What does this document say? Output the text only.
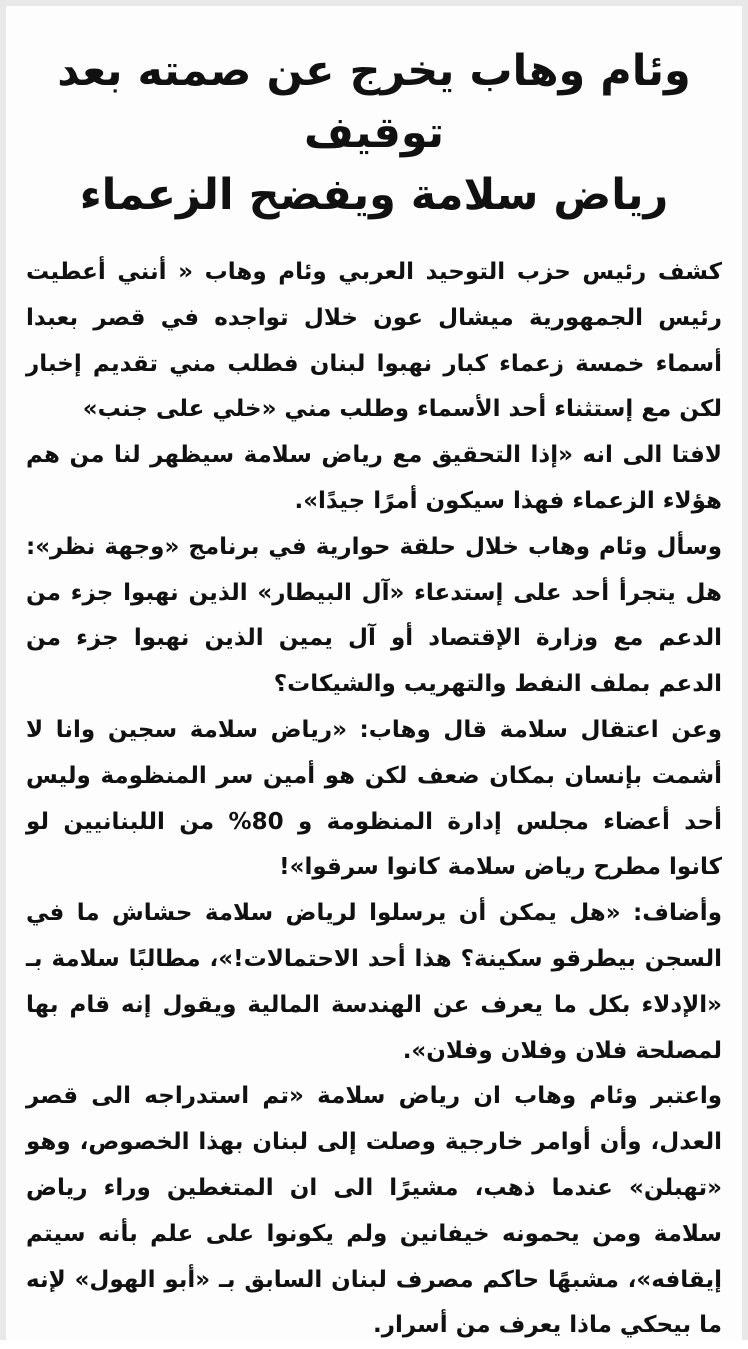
وئام وهاب يخرج عن صمته بعد توقيف
رياض سلامة ويفضح الزعماء

كشف رئيس حزب التوحيد العربي وئام وهاب « أنني أعطيت رئيس الجمهورية ميشال عون خلال تواجده في قصر بعبدا أسماء خمسة زعماء كبار نهبوا لبنان فطلب مني تقديم إخبار لكن مع إستثناء أحد الأسماء وطلب مني «خلي على جنب»

لافتا الى انه «إذا التحقيق مع رياض سلامة سيظهر لنا من هم هؤلاء الزعماء فهذا سيكون أمرًا جيدًا».

وسأل وئام وهاب خلال حلقة حوارية في برنامج «وجهة نظر»: هل يتجرأ أحد على إستدعاء «آل البيطار» الذين نهبوا جزء من الدعم مع وزارة الإقتصاد أو آل يمين الذين نهبوا جزء من الدعم بملف النفط والتهريب والشيكات؟

وعن اعتقال سلامة قال وهاب: «رياض سلامة سجين وانا لا أشمت بإنسان بمكان ضعف لكن هو أمين سر المنظومة وليس أحد أعضاء مجلس إدارة المنظومة و 80% من اللبنانيين لو كانوا مطرح رياض سلامة كانوا سرقوا»!

وأضاف: «هل يمكن أن يرسلوا لرياض سلامة حشاش ما في السجن بيطرقو سكينة؟ هذا أحد الاحتمالات!»، مطالبًا سلامة بـ «الإدلاء بكل ما يعرف عن الهندسة المالية ويقول إنه قام بها لمصلحة فلان وفلان وفلان».

واعتبر وئام وهاب ان رياض سلامة «تم استدراجه الى قصر العدل، وأن أوامر خارجية وصلت إلى لبنان بهذا الخصوص، وهو «تهبلن» عندما ذهب، مشيرًا الى ان المتغطين وراء رياض سلامة ومن يحمونه خيفانين ولم يكونوا على علم بأنه سيتم إيقافه»، مشبهًا حاكم مصرف لبنان السابق بـ «أبو الهول» لإنه ما بيحكي ماذا يعرف من أسرار.
